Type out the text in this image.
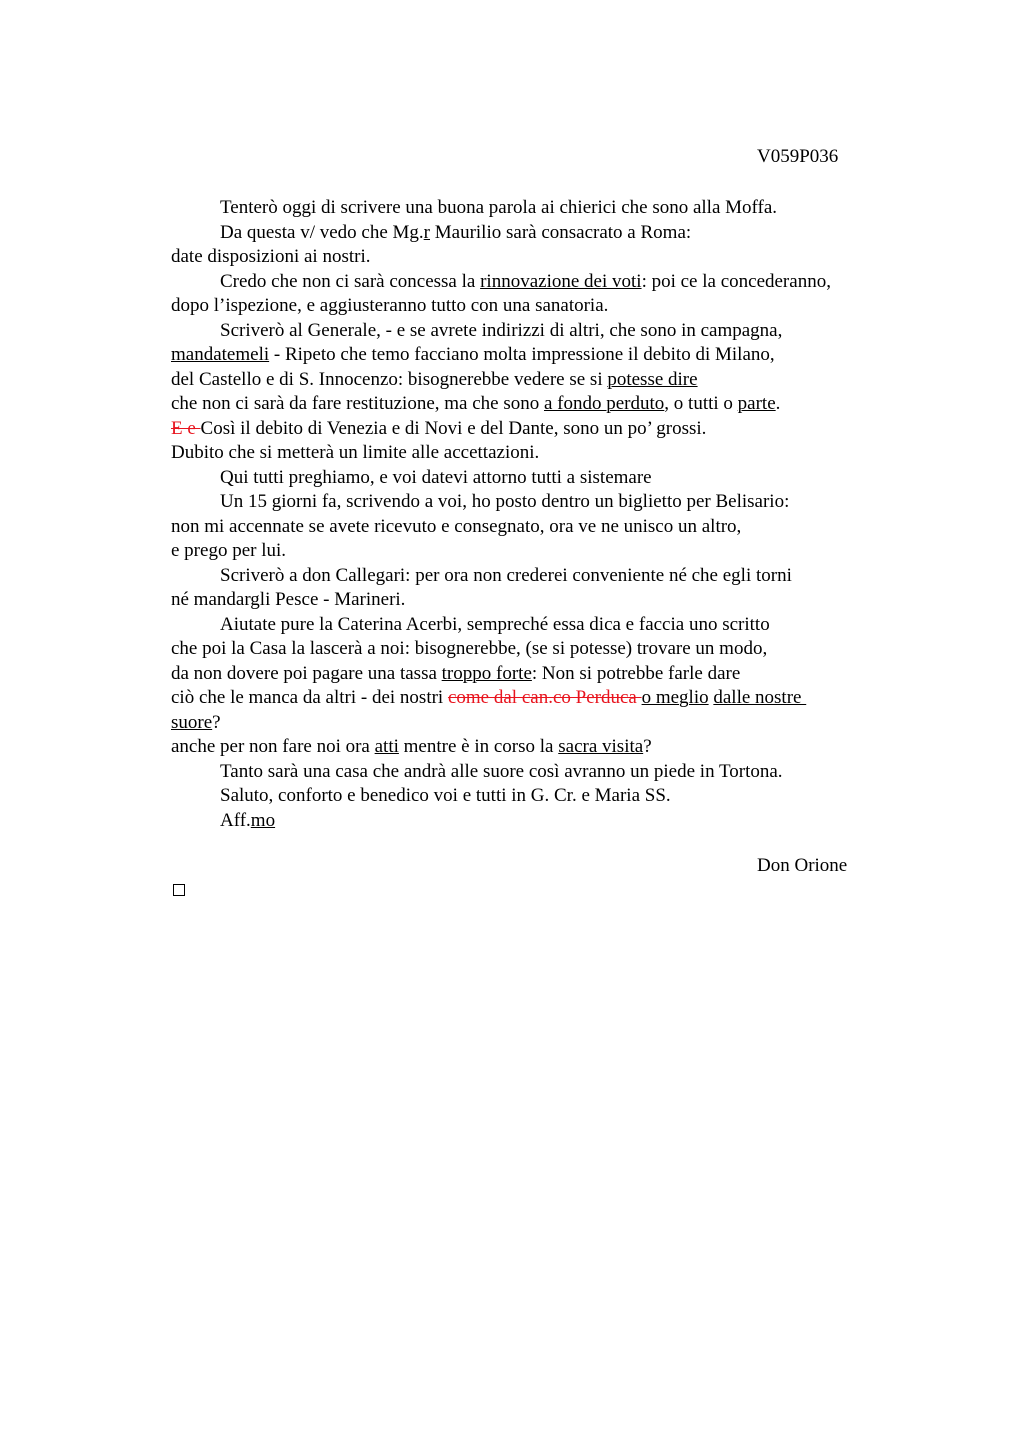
V059P036
Tenterò oggi di scrivere una buona parola ai chierici che sono alla Moffa.
Da questa v/ vedo che Mg.r Maurilio sarà consacrato a Roma:
date disposizioni ai nostri.
Credo che non ci sarà concessa la rinnovazione dei voti: poi ce la concederanno,
dopo l’ispezione, e aggiusteranno tutto con una sanatoria.
Scriverò al Generale, - e se avrete indirizzi di altri, che sono in campagna,
mandatemeli - Ripeto che temo facciano molta impressione il debito di Milano,
del Castello e di S. Innocenzo: bisognerebbe vedere se si potesse dire
che non ci sarà da fare restituzione, ma che sono a fondo perduto, o tutti o parte.
E e Così il debito di Venezia e di Novi e del Dante, sono un po’ grossi.
Dubito che si metterà un limite alle accettazioni.
Qui tutti preghiamo, e voi datevi attorno tutti a sistemare
Un 15 giorni fa, scrivendo a voi, ho posto dentro un biglietto per Belisario:
non mi accennate se avete ricevuto e consegnato, ora ve ne unisco un altro,
e prego per lui.
Scriverò a don Callegari: per ora non crederei conveniente né che egli torni
né mandargli Pesce - Marineri.
Aiutate pure la Caterina Acerbi, sempreché essa dica e faccia uno scritto
che poi la Casa la lascerà a noi: bisognerebbe, (se si potesse) trovare un modo,
da non dovere poi pagare una tassa troppo forte: Non si potrebbe farle dare
ciò che le manca da altri - dei nostri come dal can.co Perduca o meglio dalle nostre
suore?
anche per non fare noi ora atti mentre è in corso la sacra visita?
Tanto sarà una casa che andrà alle suore così avranno un piede in Tortona.
Saluto, conforto e benedico voi e tutti in G. Cr. e Maria SS.
Aff.mo
Don Orione
